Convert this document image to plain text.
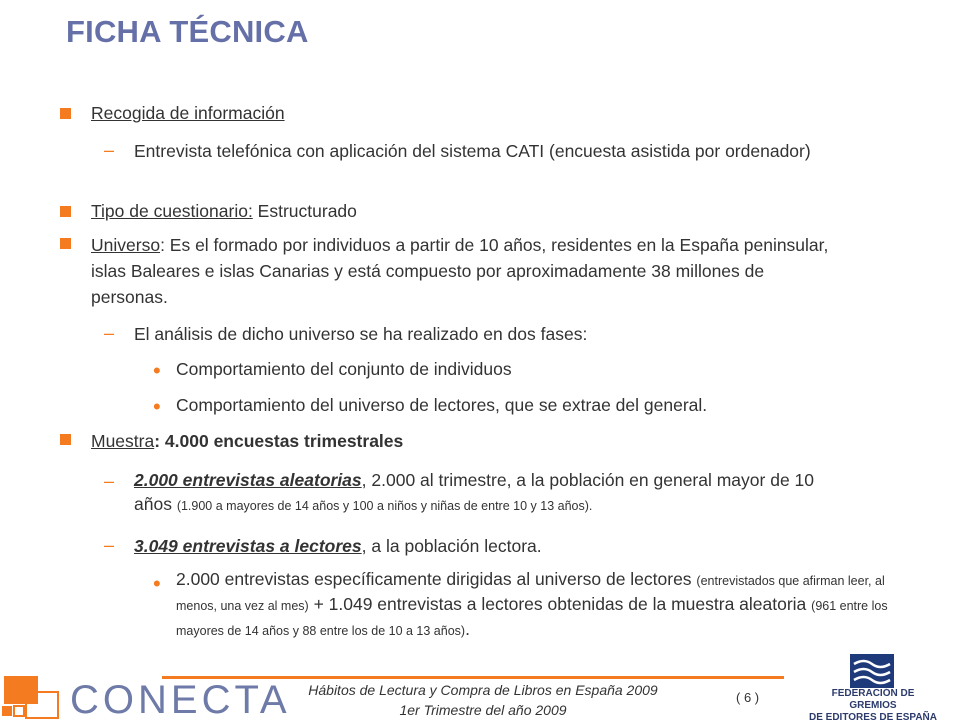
FICHA TÉCNICA
Recogida de información
– Entrevista telefónica con aplicación del sistema CATI (encuesta asistida por ordenador)
Tipo de cuestionario: Estructurado
Universo: Es el formado por individuos a partir de 10 años, residentes en la España peninsular, islas Baleares e islas Canarias y está compuesto por aproximadamente 38 millones de personas.
– El análisis de dicho universo se ha realizado en dos fases:
• Comportamiento del conjunto de individuos
• Comportamiento del universo de lectores, que se extrae del general.
Muestra: 4.000 encuestas trimestrales
– 2.000 entrevistas aleatorias, 2.000 al trimestre, a la población en general mayor de 10 años (1.900 a mayores de 14 años y 100 a niños y niñas de entre 10 y 13 años).
– 3.049 entrevistas a lectores, a la población lectora.
• 2.000 entrevistas específicamente dirigidas al universo de lectores (entrevistados que afirman leer, al menos, una vez al mes) + 1.049 entrevistas a lectores obtenidas de la muestra aleatoria (961 entre los mayores de 14 años y 88 entre los de 10 a 13 años).
CONECTA	Hábitos de Lectura y Compra de Libros en España 2009
1er Trimestre del año 2009
( 6 )	FEDERACIÓN DE GREMIOS
DE EDITORES DE ESPAÑA
